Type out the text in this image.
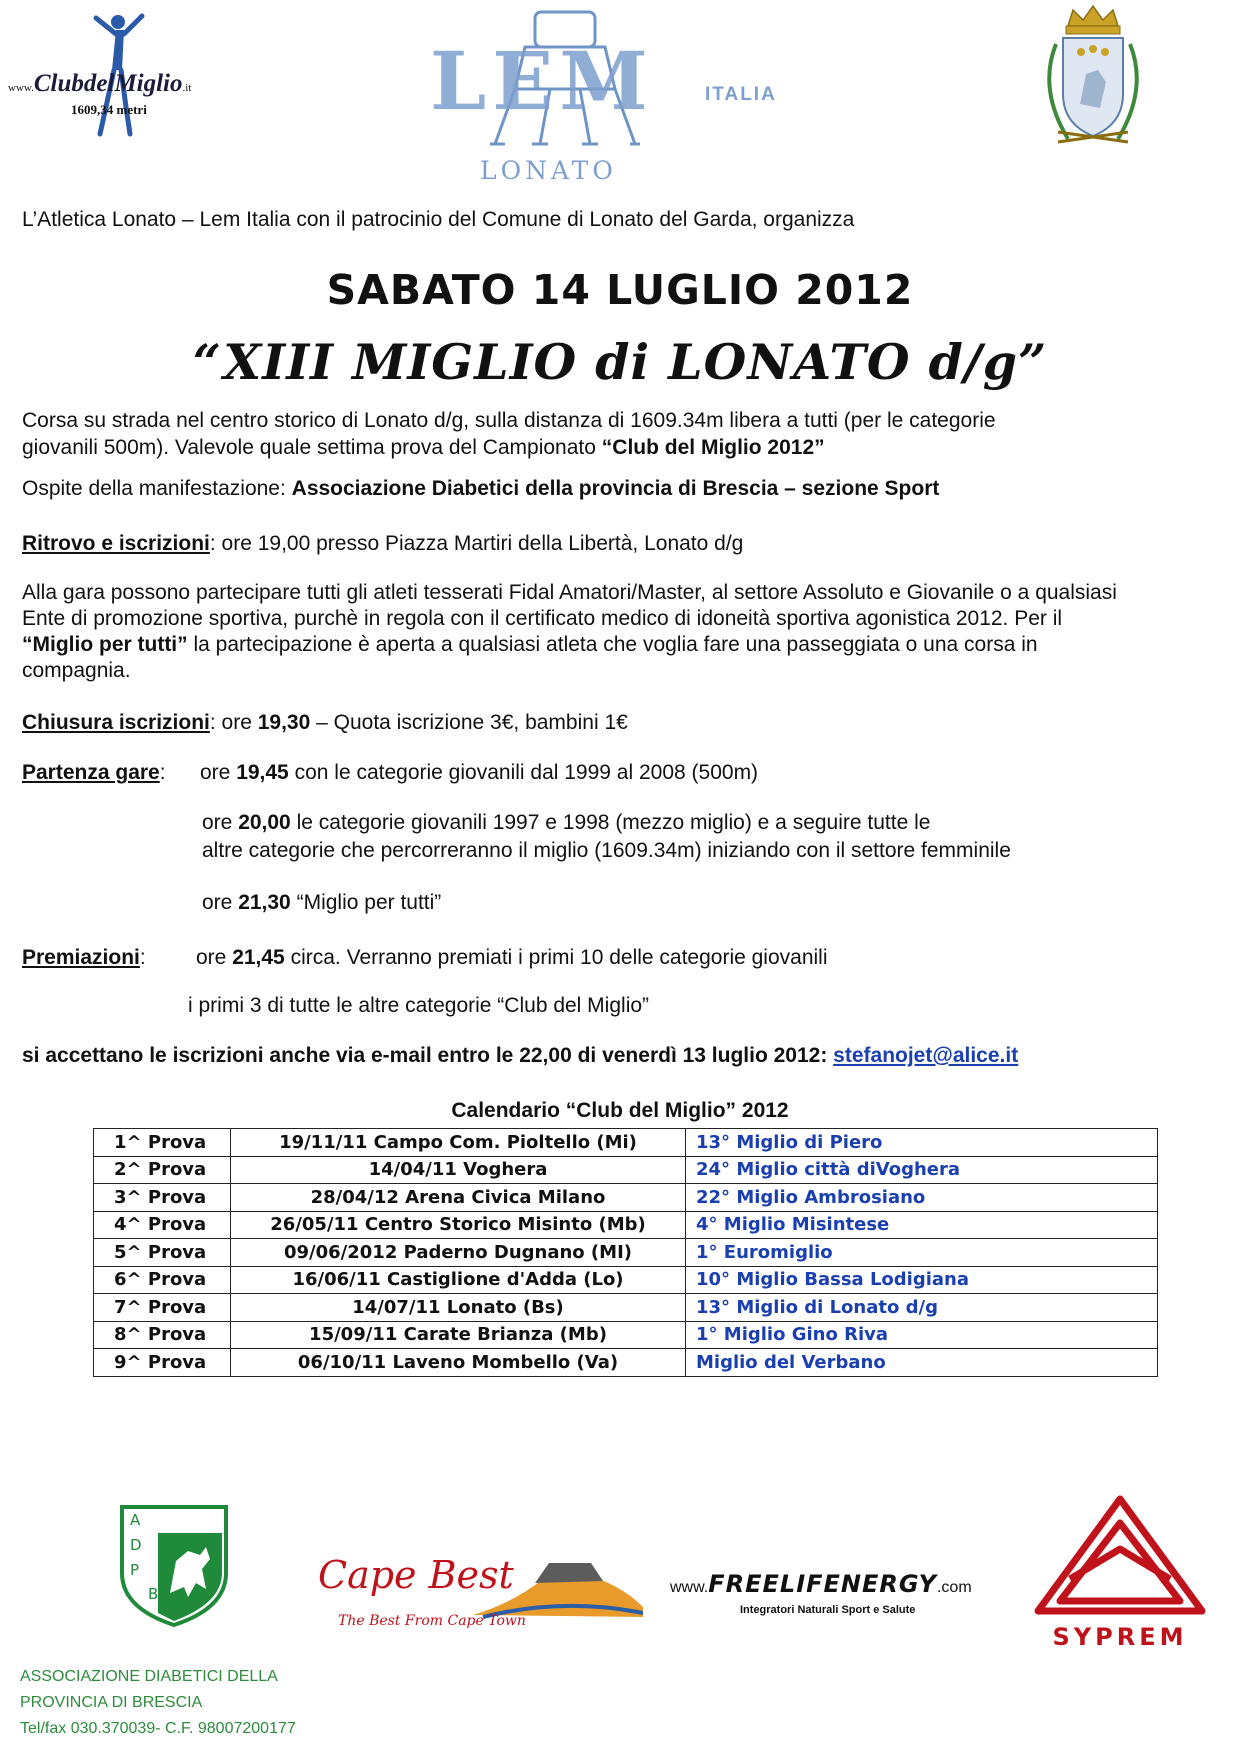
www.ClubdelMiglio.it
1609,34 metri	LEM	ITALIA
LONATO

L’Atletica Lonato – Lem Italia con il patrocinio del Comune di Lonato del Garda, organizza

SABATO 14 LUGLIO 2012
“XIII MIGLIO di LONATO d/g”

Corsa su strada nel centro storico di Lonato d/g, sulla distanza di 1609.34m libera a tutti (per le categorie

giovanili 500m). Valevole quale settima prova del Campionato “Club del Miglio 2012”

Ospite della manifestazione: Associazione Diabetici della provincia di Brescia – sezione Sport

Ritrovo e iscrizioni: ore 19,00 presso Piazza Martiri della Libertà, Lonato d/g

Alla gara possono partecipare tutti gli atleti tesserati Fidal Amatori/Master, al settore Assoluto e Giovanile o a qualsiasi

Ente di promozione sportiva, purchè in regola con il certificato medico di idoneità sportiva agonistica 2012. Per il

“Miglio per tutti” la partecipazione è aperta a qualsiasi atleta che voglia fare una passeggiata o una corsa in

compagnia.

Chiusura iscrizioni: ore 19,30 – Quota iscrizione 3€, bambini 1€

Partenza gare: ore 19,45 con le categorie giovanili dal 1999 al 2008 (500m)

ore 20,00 le categorie giovanili 1997 e 1998 (mezzo miglio) e a seguire tutte le

altre categorie che percorreranno il miglio (1609.34m) iniziando con il settore femminile

ore 21,30 “Miglio per tutti”

Premiazioni: ore 21,45 circa. Verranno premiati i primi 10 delle categorie giovanili

i primi 3 di tutte le altre categorie “Club del Miglio”

si accettano le iscrizioni anche via e-mail entro le 22,00 di venerdì 13 luglio 2012: stefanojet@alice.it

Calendario “Club del Miglio” 2012
1^ Prova	19/11/11 Campo Com. Pioltello (Mi)	13° Miglio di Piero
2^ Prova	14/04/11 Voghera	24° Miglio città diVoghera
3^ Prova	28/04/12 Arena Civica Milano	22° Miglio Ambrosiano
4^ Prova	26/05/11 Centro Storico Misinto (Mb)	4° Miglio Misintese
5^ Prova	09/06/2012 Paderno Dugnano (MI)	1° Euromiglio
6^ Prova	16/06/11 Castiglione d'Adda (Lo)	10° Miglio Bassa Lodigiana
7^ Prova	14/07/11 Lonato (Bs)	13° Miglio di Lonato d/g
8^ Prova	15/09/11 Carate Brianza (Mb)	1° Miglio Gino Riva
9^ Prova	06/10/11 Laveno Mombello (Va)	Miglio del Verbano
A
D
P
B	Cape Best
The Best From Cape Town
www.FREELIFENERGY.com
Integratori Naturali Sport e Salute
SYPREM
ASSOCIAZIONE DIABETICI DELLA
PROVINCIA DI BRESCIA
Tel/fax 030.370039- C.F. 98007200177
